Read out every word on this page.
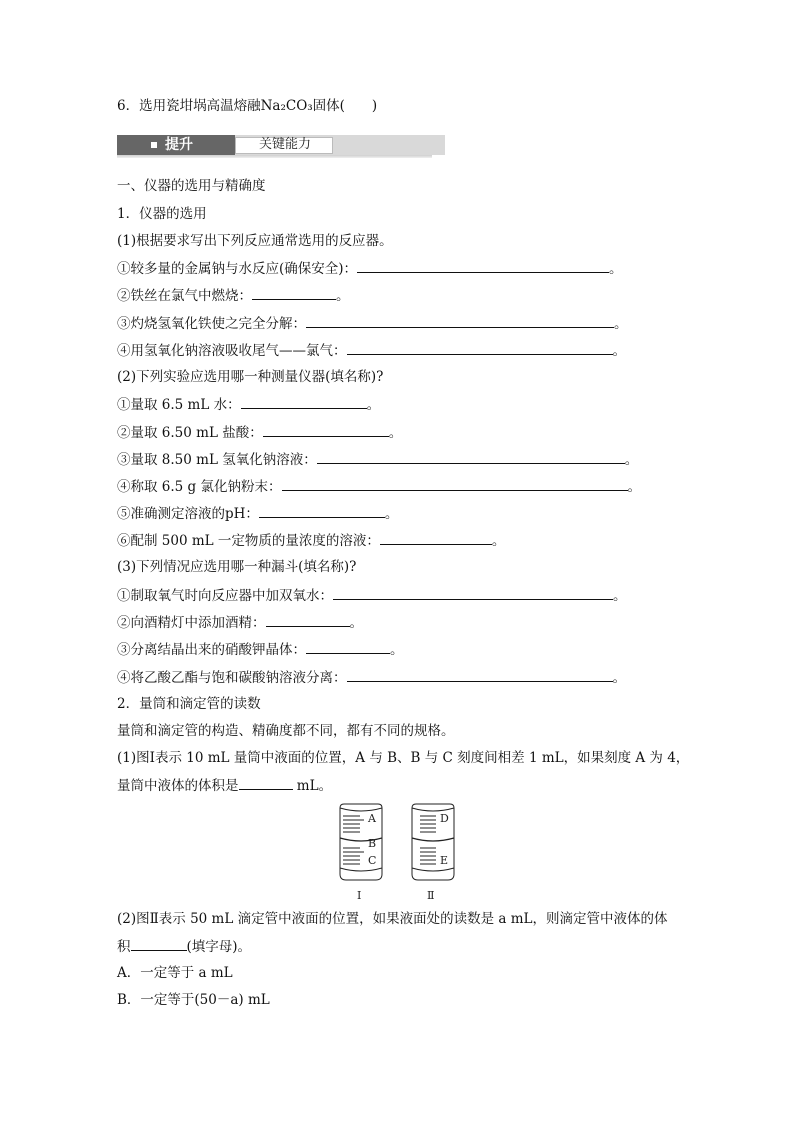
6．选用瓷坩埚高温熔融Na₂CO₃固体(　　)
提升	关键能力
一、仪器的选用与精确度
1．仪器的选用
(1)根据要求写出下列反应通常选用的反应器。
①较多量的金属钠与水反应(确保安全)：	。
②铁丝在氯气中燃烧：	。
③灼烧氢氧化铁使之完全分解：	。
④用氢氧化钠溶液吸收尾气——氯气：	。
(2)下列实验应选用哪一种测量仪器(填名称)?
①量取 6.5 mL 水：	。
②量取 6.50 mL 盐酸：	。
③量取 8.50 mL 氢氧化钠溶液：	。
④称取 6.5 g 氯化钠粉末：	。
⑤准确测定溶液的pH：	。
⑥配制 500 mL 一定物质的量浓度的溶液：	。
(3)下列情况应选用哪一种漏斗(填名称)?
①制取氧气时向反应器中加双氧水：	。
②向酒精灯中添加酒精：	。
③分离结晶出来的硝酸钾晶体：	。
④将乙酸乙酯与饱和碳酸钠溶液分离：	。
2．量筒和滴定管的读数
量筒和滴定管的构造、精确度都不同，都有不同的规格。
(1)图Ⅰ表示 10 mL 量筒中液面的位置，A 与 B、B 与 C 刻度间相差 1 mL，如果刻度 A 为 4，
量筒中液体的体积是	mL。
A
B
C
Ⅰ
D
E
Ⅱ
(2)图Ⅱ表示 50 mL 滴定管中液面的位置，如果液面处的读数是 a mL，则滴定管中液体的体
积	(填字母)。
A．一定等于 a mL
B．一定等于(50－a) mL
